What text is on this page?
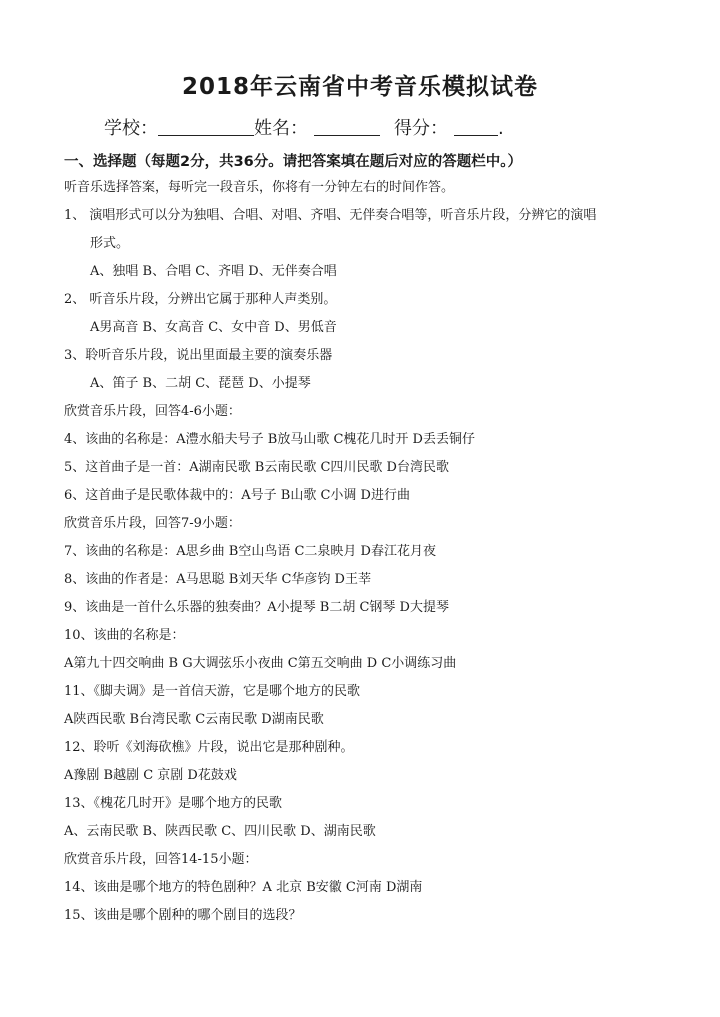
2018年云南省中考音乐模拟试卷
学校：	姓名：	得分：	.
一、选择题（每题2分，共36分。请把答案填在题后对应的答题栏中。）
听音乐选择答案，每听完一段音乐，你将有一分钟左右的时间作答。
1、 演唱形式可以分为独唱、合唱、对唱、齐唱、无伴奏合唱等，听音乐片段，分辨它的演唱
形式。
A、独唱 B、合唱 C、齐唱 D、无伴奏合唱
2、 听音乐片段，分辨出它属于那种人声类别。
A男高音 B、女高音 C、女中音 D、男低音
3、聆听音乐片段，说出里面最主要的演奏乐器
A、笛子 B、二胡 C、琵琶 D、小提琴
欣赏音乐片段，回答4-6小题：
4、该曲的名称是：A澧水船夫号子 B放马山歌 C槐花几时开 D丢丢铜仔
5、这首曲子是一首：A湖南民歌 B云南民歌 C四川民歌 D台湾民歌
6、这首曲子是民歌体裁中的：A号子 B山歌 C小调 D进行曲
欣赏音乐片段，回答7-9小题：
7、该曲的名称是：A思乡曲 B空山鸟语 C二泉映月 D春江花月夜
8、该曲的作者是：A马思聪 B刘天华 C华彦钧 D王莘
9、该曲是一首什么乐器的独奏曲？A小提琴 B二胡 C钢琴 D大提琴
10、该曲的名称是：
A第九十四交响曲 B G大调弦乐小夜曲 C第五交响曲 D C小调练习曲
11、《脚夫调》是一首信天游，它是哪个地方的民歌
A陕西民歌 B台湾民歌 C云南民歌 D湖南民歌
12、聆听《刘海砍樵》片段，说出它是那种剧种。
A豫剧 B越剧 C 京剧 D花鼓戏
13、《槐花几时开》是哪个地方的民歌
A、云南民歌 B、陕西民歌 C、四川民歌 D、湖南民歌
欣赏音乐片段，回答14-15小题：
14、该曲是哪个地方的特色剧种？A 北京 B安徽 C河南 D湖南
15、该曲是哪个剧种的哪个剧目的选段？
